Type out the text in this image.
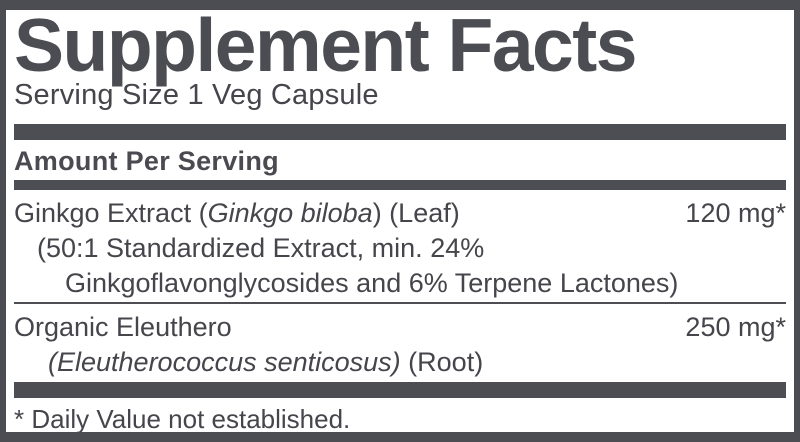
Supplement Facts
Serving Size 1 Veg Capsule
Amount Per Serving
Ginkgo Extract (Ginkgo biloba) (Leaf)	120 mg*
(50:1 Standardized Extract, min. 24%
Ginkgoflavonglycosides and 6% Terpene Lactones)
Organic Eleuthero	250 mg*
(Eleutherococcus senticosus) (Root)
* Daily Value not established.
